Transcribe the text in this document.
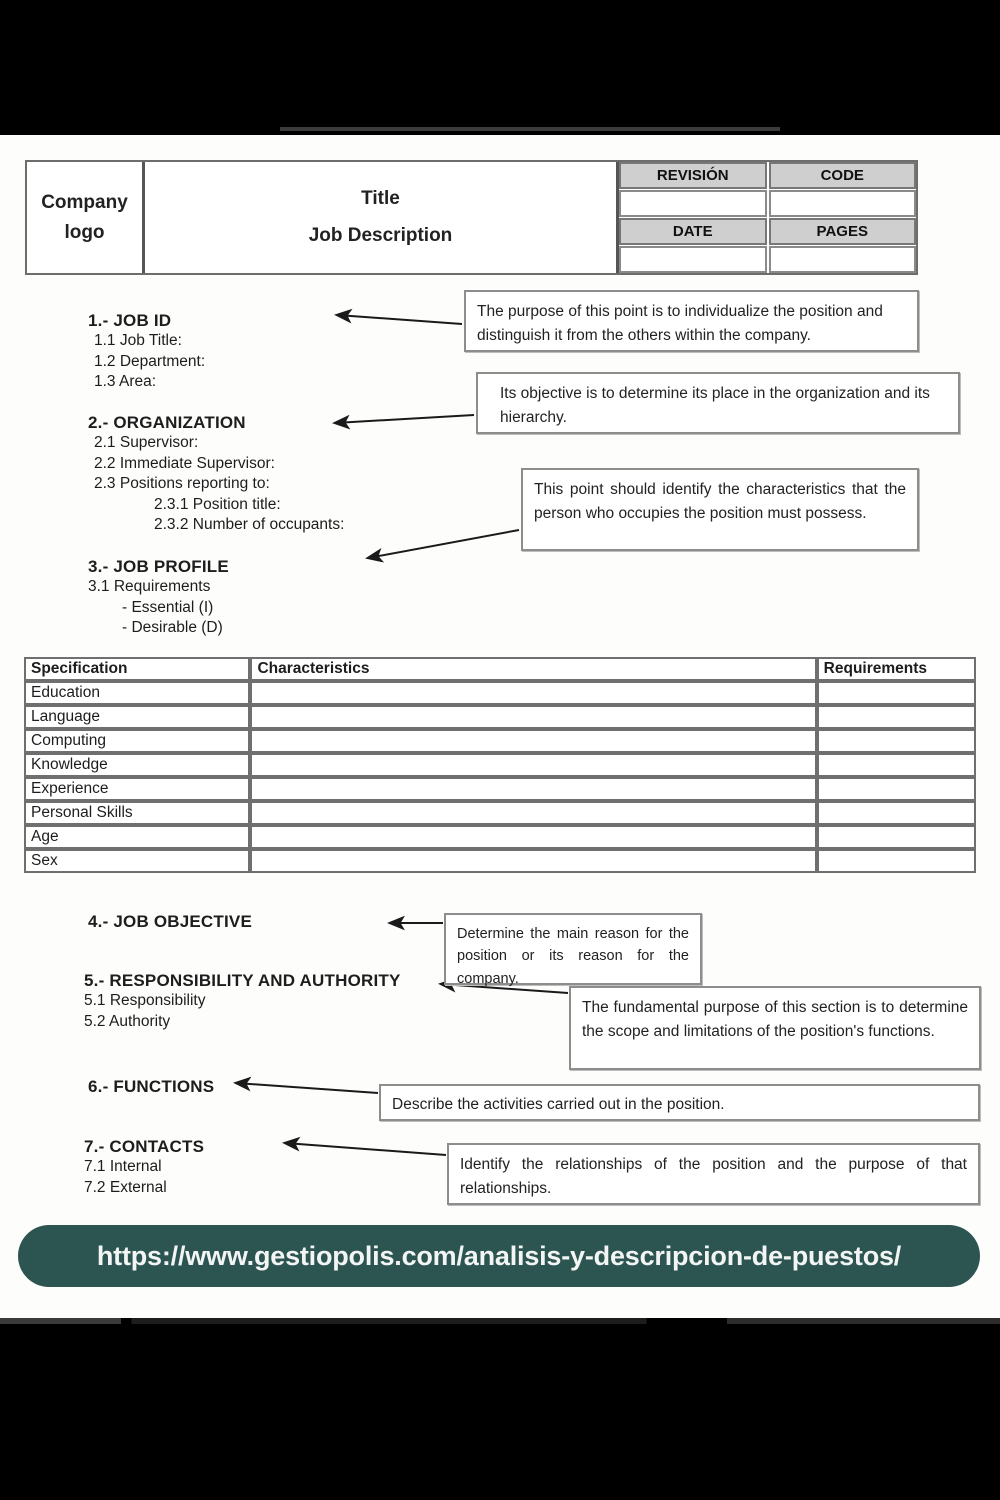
Company
logo
Title
Job Description
REVISIÓN	CODE
DATE	PAGES
1.- JOB ID
1.1 Job Title:
1.2 Department:
1.3 Area:
2.- ORGANIZATION
2.1 Supervisor:
2.2 Immediate Supervisor:
2.3 Positions reporting to:
2.3.1 Position title:
2.3.2 Number of occupants:
3.- JOB PROFILE
3.1 Requirements
- Essential (I)
- Desirable (D)
The purpose of this point is to individualize the position and distinguish it from the others within the company.
Its objective is to determine its place in the organization and its hierarchy.
This point should identify the characteristics that the person who occupies the position must possess.
Specification	Characteristics	Requirements
Education		
Language		
Computing		
Knowledge		
Experience		
Personal Skills		
Age		
Sex		
4.- JOB OBJECTIVE
5.- RESPONSIBILITY AND AUTHORITY
5.1 Responsibility
5.2 Authority
6.- FUNCTIONS
7.- CONTACTS
7.1 Internal
7.2 External
Determine the main reason for the position or its reason for the company.
The fundamental purpose of this section is to determine the scope and limitations of the position's functions.
Describe the activities carried out in the position.
Identify the relationships of the position and the purpose of that relationships.
https://www.gestiopolis.com/analisis-y-descripcion-de-puestos/
